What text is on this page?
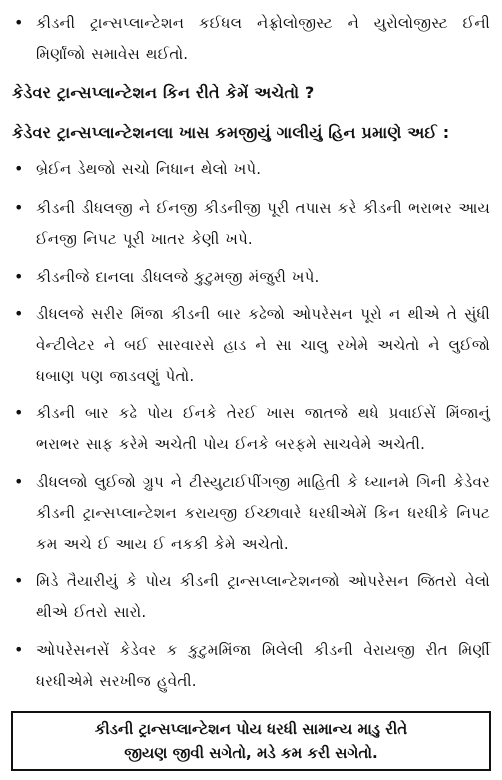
• કીડની ટ્રાન્સપ્લાન્ટેશન કઈધલ નેફ્રોલોજીસ્ટ ને યુરોલોજીસ્ટ ઈની મિર્ણાંજો સમાવેસ થઈતો.
કેડેવર ટ્રાન્સપ્લાન્ટેશન કિન રીતે કેમેં અચેતો ?
કેડેવર ટ્રાન્સપ્લાન્ટેશનલા ખાસ કમજીયું ગાલીયું હિન પ્રમાણે અઈ :
• બ્રેઈન ડેથજો સચો નિધાન થેલો ખપે.
• કીડની ડીધલજી ને ઈનજી કીડનીજી પૂરી તપાસ કરે કીડની ભરાભર આય ઈનજી નિપટ પૂરી ખાતર કેણી ખપે.
• કીડનીજે દાનલા ડીધલજે કુટુમજી મંજુરી ખપે.
• ડીધલજે સરીર મિંજા કીડની બાર કઢેજો ઓપરેસન પૂરો ન થીએ તે સુંધી વેન્ટીલેટર ને બઈ સારવારસે હાડ ને સા ચાલુ રખેમે અચેતો ને લુઈજો ધબાણ પણ જાડવણું પેતો.
• કીડની બાર કઢે પોય ઈનકે તેરઈ ખાસ જાતજે થધે પ્રવાઈસેં મિંજાનું ભરાભર સાફ કરેમે અચેતી પોય ઈનકે બરફમે સાચવેમે અચેતી.
• ડીધલજો લુઈજો ગ્રુપ ને ટીસ્યુટાઈપીંગજી માહિતી કે ધ્યાનમે ગિની કેડેવર કીડની ટ્રાન્સપ્લાન્ટેશન કરાયજી ઈચ્છાવારે ધરધીએમેં કિન ધરધીકે નિપટ કમ અચે ઈ આય ઈ નકકી કેમે અચેતો.
• મિડે તૈયારીયું કે પોય કીડની ટ્રાન્સપ્લાન્ટેશનજો ઓપરેસન જિતરો વેલો થીએ ઈતરો સારો.
• ઓપરેસનસેં કેડેવર ક કુટુમમિંજા મિલેલી કીડની વેરાયજી રીત મિર્ણી ધરધીએમે સરખીજ હુવેતી.
કીડની ટ્રાન્સપ્લાન્ટેશન પોય ધરધી સામાન્ય માડુ રીતે
જીયણ જીવી સગેતો, મડે કમ કરી સગેતો.
